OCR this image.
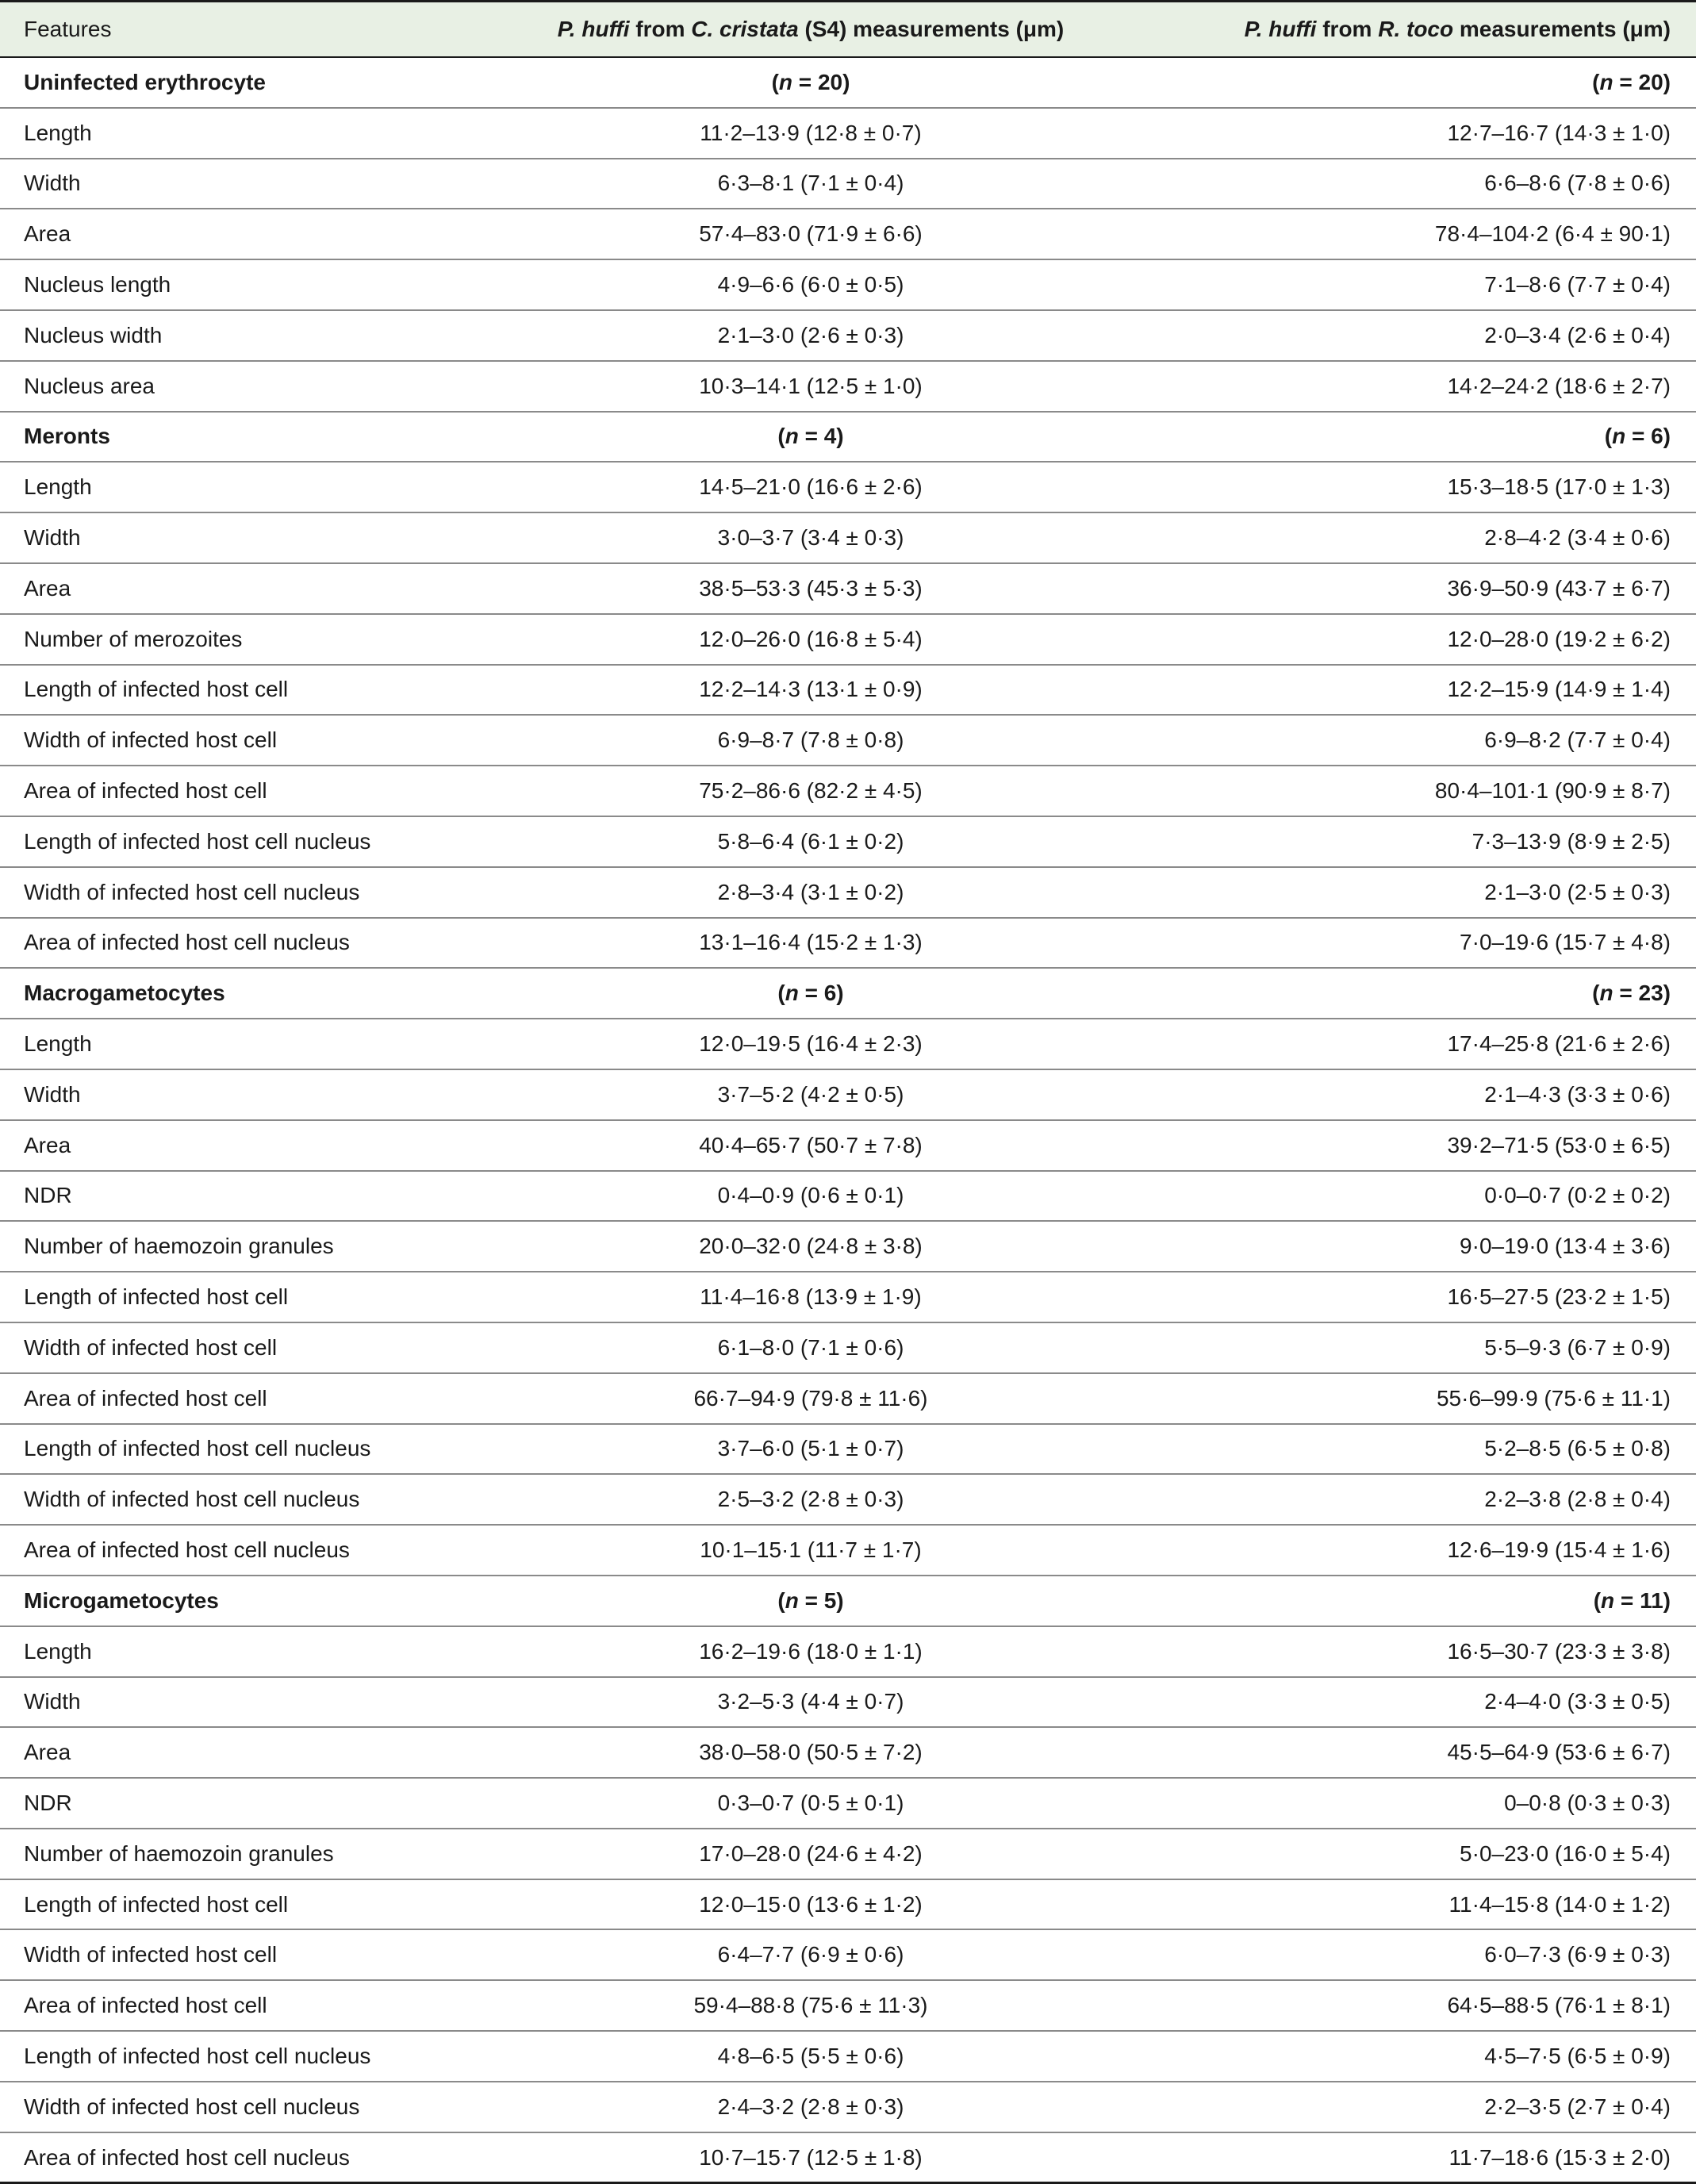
Features	P. huffi from C. cristata (S4) measurements (μm)	P. huffi from R. toco measurements (μm)
Uninfected erythrocyte	(n = 20)	(n = 20)
Length	11·2–13·9 (12·8 ± 0·7)	12·7–16·7 (14·3 ± 1·0)
Width	6·3–8·1 (7·1 ± 0·4)	6·6–8·6 (7·8 ± 0·6)
Area	57·4–83·0 (71·9 ± 6·6)	78·4–104·2 (6·4 ± 90·1)
Nucleus length	4·9–6·6 (6·0 ± 0·5)	7·1–8·6 (7·7 ± 0·4)
Nucleus width	2·1–3·0 (2·6 ± 0·3)	2·0–3·4 (2·6 ± 0·4)
Nucleus area	10·3–14·1 (12·5 ± 1·0)	14·2–24·2 (18·6 ± 2·7)
Meronts	(n = 4)	(n = 6)
Length	14·5–21·0 (16·6 ± 2·6)	15·3–18·5 (17·0 ± 1·3)
Width	3·0–3·7 (3·4 ± 0·3)	2·8–4·2 (3·4 ± 0·6)
Area	38·5–53·3 (45·3 ± 5·3)	36·9–50·9 (43·7 ± 6·7)
Number of merozoites	12·0–26·0 (16·8 ± 5·4)	12·0–28·0 (19·2 ± 6·2)
Length of infected host cell	12·2–14·3 (13·1 ± 0·9)	12·2–15·9 (14·9 ± 1·4)
Width of infected host cell	6·9–8·7 (7·8 ± 0·8)	6·9–8·2 (7·7 ± 0·4)
Area of infected host cell	75·2–86·6 (82·2 ± 4·5)	80·4–101·1 (90·9 ± 8·7)
Length of infected host cell nucleus	5·8–6·4 (6·1 ± 0·2)	7·3–13·9 (8·9 ± 2·5)
Width of infected host cell nucleus	2·8–3·4 (3·1 ± 0·2)	2·1–3·0 (2·5 ± 0·3)
Area of infected host cell nucleus	13·1–16·4 (15·2 ± 1·3)	7·0–19·6 (15·7 ± 4·8)
Macrogametocytes	(n = 6)	(n = 23)
Length	12·0–19·5 (16·4 ± 2·3)	17·4–25·8 (21·6 ± 2·6)
Width	3·7–5·2 (4·2 ± 0·5)	2·1–4·3 (3·3 ± 0·6)
Area	40·4–65·7 (50·7 ± 7·8)	39·2–71·5 (53·0 ± 6·5)
NDR	0·4–0·9 (0·6 ± 0·1)	0·0–0·7 (0·2 ± 0·2)
Number of haemozoin granules	20·0–32·0 (24·8 ± 3·8)	9·0–19·0 (13·4 ± 3·6)
Length of infected host cell	11·4–16·8 (13·9 ± 1·9)	16·5–27·5 (23·2 ± 1·5)
Width of infected host cell	6·1–8·0 (7·1 ± 0·6)	5·5–9·3 (6·7 ± 0·9)
Area of infected host cell	66·7–94·9 (79·8 ± 11·6)	55·6–99·9 (75·6 ± 11·1)
Length of infected host cell nucleus	3·7–6·0 (5·1 ± 0·7)	5·2–8·5 (6·5 ± 0·8)
Width of infected host cell nucleus	2·5–3·2 (2·8 ± 0·3)	2·2–3·8 (2·8 ± 0·4)
Area of infected host cell nucleus	10·1–15·1 (11·7 ± 1·7)	12·6–19·9 (15·4 ± 1·6)
Microgametocytes	(n = 5)	(n = 11)
Length	16·2–19·6 (18·0 ± 1·1)	16·5–30·7 (23·3 ± 3·8)
Width	3·2–5·3 (4·4 ± 0·7)	2·4–4·0 (3·3 ± 0·5)
Area	38·0–58·0 (50·5 ± 7·2)	45·5–64·9 (53·6 ± 6·7)
NDR	0·3–0·7 (0·5 ± 0·1)	0–0·8 (0·3 ± 0·3)
Number of haemozoin granules	17·0–28·0 (24·6 ± 4·2)	5·0–23·0 (16·0 ± 5·4)
Length of infected host cell	12·0–15·0 (13·6 ± 1·2)	11·4–15·8 (14·0 ± 1·2)
Width of infected host cell	6·4–7·7 (6·9 ± 0·6)	6·0–7·3 (6·9 ± 0·3)
Area of infected host cell	59·4–88·8 (75·6 ± 11·3)	64·5–88·5 (76·1 ± 8·1)
Length of infected host cell nucleus	4·8–6·5 (5·5 ± 0·6)	4·5–7·5 (6·5 ± 0·9)
Width of infected host cell nucleus	2·4–3·2 (2·8 ± 0·3)	2·2–3·5 (2·7 ± 0·4)
Area of infected host cell nucleus	10·7–15·7 (12·5 ± 1·8)	11·7–18·6 (15·3 ± 2·0)
